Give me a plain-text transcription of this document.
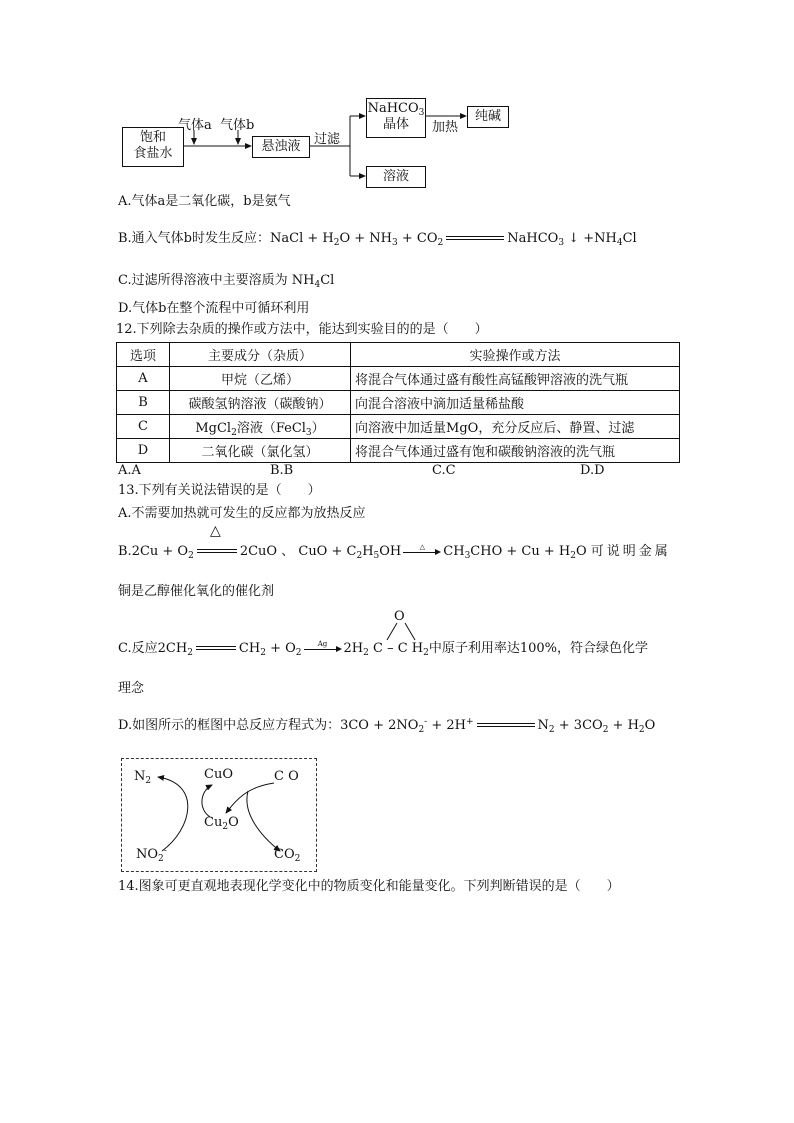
饱和
食盐水
气体a 气体b
悬浊液	过滤
NaHCO$_3$
晶体	加热
纯碱
溶液
A.气体a是二氧化碳，b是氨气
B.通入气体b时发生反应：NaCl + $H_2O + NH_3 + CO_2$	NaHCO$_3$ ↓ $+NH_4Cl$
C.过滤所得溶液中主要溶质为 $NH_4Cl$
D.气体b在整个流程中可循环利用
12.下列除去杂质的操作或方法中，能达到实验目的的是（　　）
选项	主要成分（杂质）	实验操作或方法
A	甲烷（乙烯）	将混合气体通过盛有酸性高锰酸钾溶液的洗气瓶
B	碳酸氢钠溶液（碳酸钠）	向混合溶液中滴加适量稀盐酸
C	MgCl$_2$溶液（FeCl$_3$）	向溶液中加适量MgO，充分反应后、静置、过滤
D	二氧化碳（氯化氢）	将混合气体通过盛有饱和碳酸钠溶液的洗气瓶
A.A	B.B	C.C	D.D
13.下列有关说法错误的是（　　）
A.不需要加热就可发生的反应都为放热反应
△
$B.2Cu + O_2$	2CuO 、 CuO + $C_2H_5OH$	△	$CH_3CHO + Cu + H_2O$ 可说明金属
铜是乙醇催化氧化的催化剂
O
C.反应$2CH_2$	$CH_2 + O_2$
Ag	$2H_2$ C – C $H_2$中原子利用率达100%，符合绿色化学
理念
D.如图所示的框图中总反应方程式为：$3CO + 2NO_2^- + 2H^+$	$N_2 + 3CO_2 + H_2O$
$N_2$	CuO	C O
$Cu_2O$
$NO_2^-$	$CO_2$
14.图象可更直观地表现化学变化中的物质变化和能量变化。下列判断错误的是（　　）
